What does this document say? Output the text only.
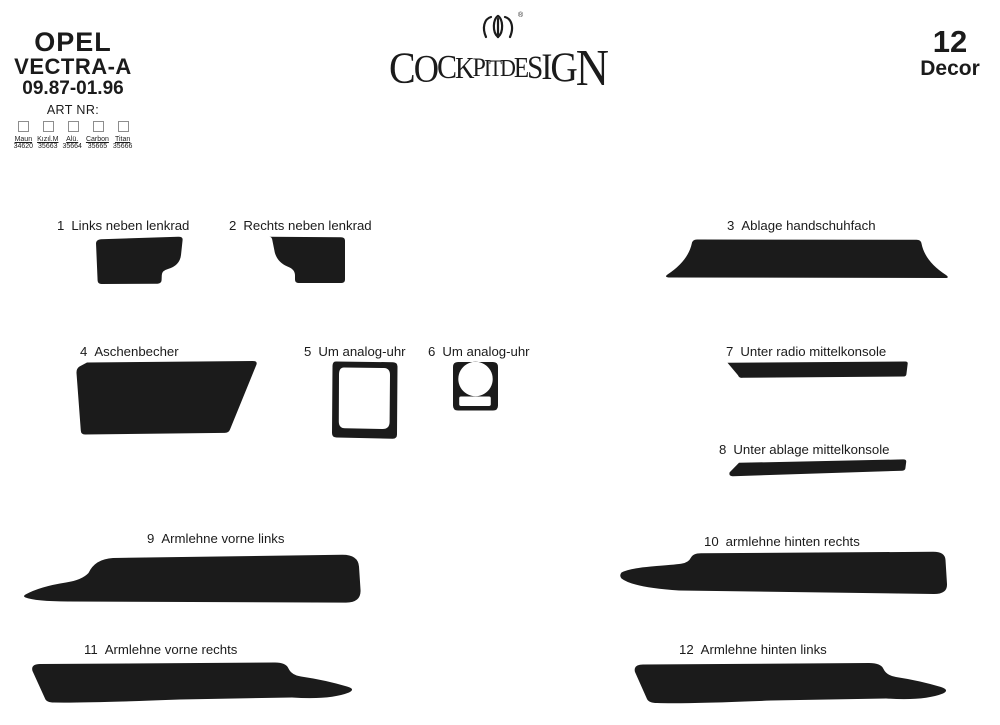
OPEL
VECTRA-A
09.87-01.96
ART NR:
Maun
34620
Kızıl.M
35663
Alü.
35664
Carbon
35665
Titan
35666
®
C O C K P I T D E S I G N	12
Decor
1 Links neben lenkrad	2 Rechts neben lenkrad	3 Ablage handschuhfach
4 Aschenbecher	5 Um analog-uhr 6 Um analog-uhr	7 Unter radio mittelkonsole
8 Unter ablage mittelkonsole
9 Armlehne vorne links	10 armlehne hinten rechts
11 Armlehne vorne rechts	12 Armlehne hinten links
